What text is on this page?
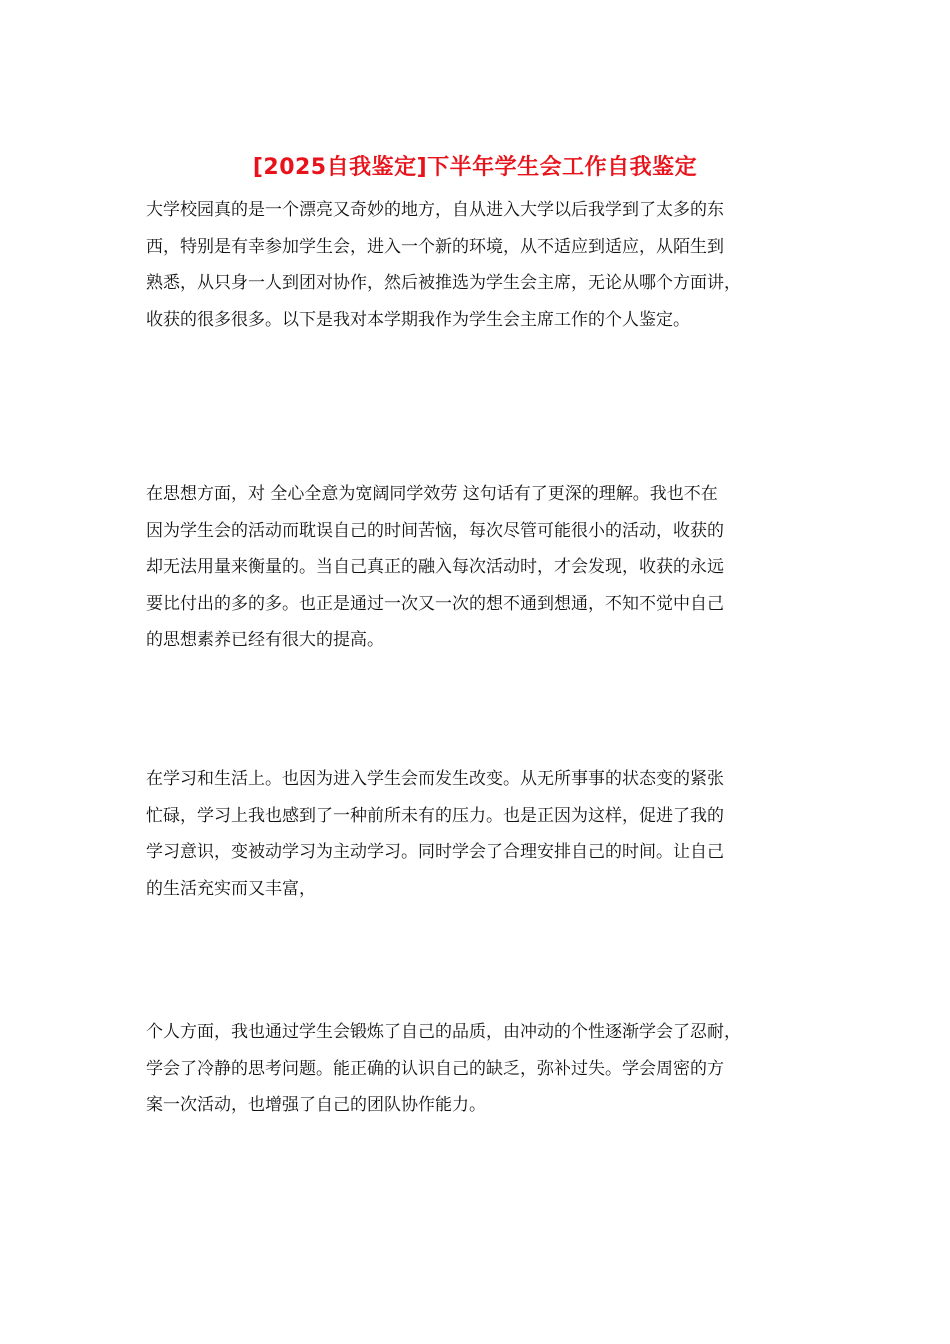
[2025自我鉴定]下半年学生会工作自我鉴定
大学校园真的是一个漂亮又奇妙的地方，自从进入大学以后我学到了太多的东
西，特别是有幸参加学生会，进入一个新的环境，从不适应到适应，从陌生到
熟悉，从只身一人到团对协作，然后被推选为学生会主席，无论从哪个方面讲，
收获的很多很多。以下是我对本学期我作为学生会主席工作的个人鉴定。
在思想方面，对 全心全意为宽阔同学效劳 这句话有了更深的理解。我也不在
因为学生会的活动而耽误自己的时间苦恼，每次尽管可能很小的活动，收获的
却无法用量来衡量的。当自己真正的融入每次活动时，才会发现，收获的永远
要比付出的多的多。也正是通过一次又一次的想不通到想通，不知不觉中自己
的思想素养已经有很大的提高。
在学习和生活上。也因为进入学生会而发生改变。从无所事事的状态变的紧张
忙碌，学习上我也感到了一种前所未有的压力。也是正因为这样，促进了我的
学习意识，变被动学习为主动学习。同时学会了合理安排自己的时间。让自己
的生活充实而又丰富，
个人方面，我也通过学生会锻炼了自己的品质，由冲动的个性逐渐学会了忍耐，
学会了冷静的思考问题。能正确的认识自己的缺乏，弥补过失。学会周密的方
案一次活动，也增强了自己的团队协作能力。
